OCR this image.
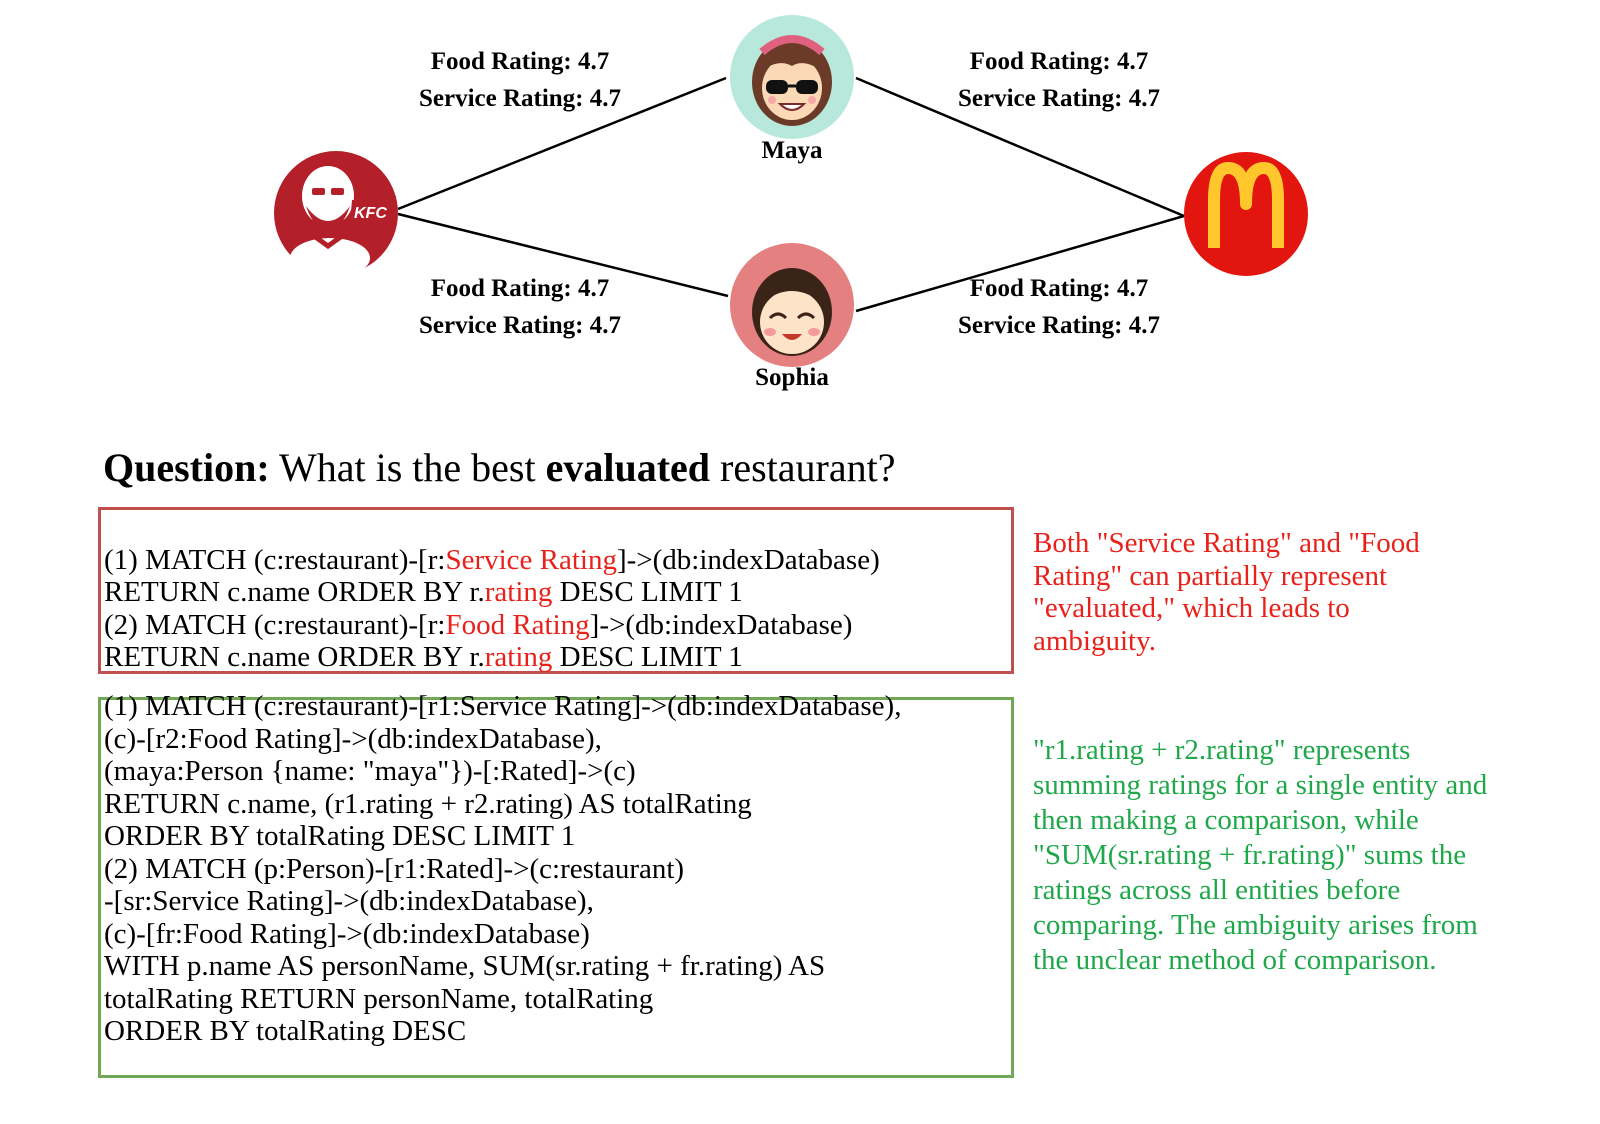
KFC
Maya
Sophia
Food Rating: 4.7
Service Rating: 4.7
Food Rating: 4.7
Service Rating: 4.7
Food Rating: 4.7
Service Rating: 4.7
Food Rating: 4.7
Service Rating: 4.7
Question: What is the best evaluated restaurant?

(1) MATCH (c:restaurant)-[r:Service Rating]->(db:indexDatabase)
RETURN c.name ORDER BY r.rating DESC LIMIT 1
(2) MATCH (c:restaurant)-[r:Food Rating]->(db:indexDatabase)
RETURN c.name ORDER BY r.rating DESC LIMIT 1

Both "Service Rating" and "Food Rating" can partially represent "evaluated," which leads to ambiguity.
(1) MATCH (c:restaurant)-[r1:Service Rating]->(db:indexDatabase),
(c)-[r2:Food Rating]->(db:indexDatabase),
(maya:Person {name: "maya"})-[:Rated]->(c)
RETURN c.name, (r1.rating + r2.rating) AS totalRating
ORDER BY totalRating DESC LIMIT 1
(2) MATCH (p:Person)-[r1:Rated]->(c:restaurant)
-[sr:Service Rating]->(db:indexDatabase),
(c)-[fr:Food Rating]->(db:indexDatabase)
WITH p.name AS personName, SUM(sr.rating + fr.rating) AS
totalRating RETURN personName, totalRating
ORDER BY totalRating DESC
"r1.rating + r2.rating" represents summing ratings for a single entity and then making a comparison, while "SUM(sr.rating + fr.rating)" sums the ratings across all entities before comparing. The ambiguity arises from the unclear method of comparison.
